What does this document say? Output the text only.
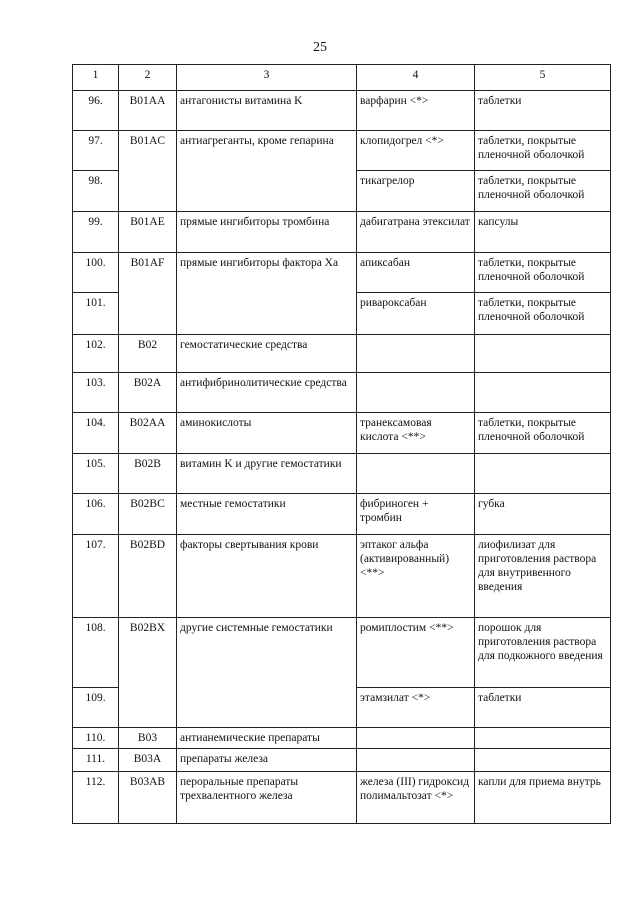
25
1	2	3	4	5
96.	B01AA	антагонисты витамина K	варфарин <*>	таблетки
97.	B01AC	антиагреганты, кроме гепарина	клопидогрел <*>	таблетки, покрытые пленочной оболочкой
98.			тикагрелор	таблетки, покрытые пленочной оболочкой
99.	B01AE	прямые ингибиторы тромбина	дабигатрана этексилат	капсулы
100.	B01AF	прямые ингибиторы фактора Xa	апиксабан	таблетки, покрытые пленочной оболочкой
101.			ривароксабан	таблетки, покрытые пленочной оболочкой
102.	B02	гемостатические средства		
103.	B02A	антифибринолитические средства		
104.	B02AA	аминокислоты	транексамовая кислота <**>	таблетки, покрытые пленочной оболочкой
105.	B02B	витамин K и другие гемостатики		
106.	B02BC	местные гемостатики	фибриноген + тромбин	губка
107.	B02BD	факторы свертывания крови	эптаког альфа (активированный) <**>	лиофилизат для приготовления раствора для внутривенного введения
108.	B02BX	другие системные гемостатики	ромиплостим <**>	порошок для приготовления раствора для подкожного введения
109.			этамзилат <*>	таблетки
110.	B03	антианемические препараты		
111.	B03A	препараты железа		
112.	B03AB	пероральные препараты трехвалентного железа	железа (III) гидроксид полимальтозат <*>	капли для приема внутрь
